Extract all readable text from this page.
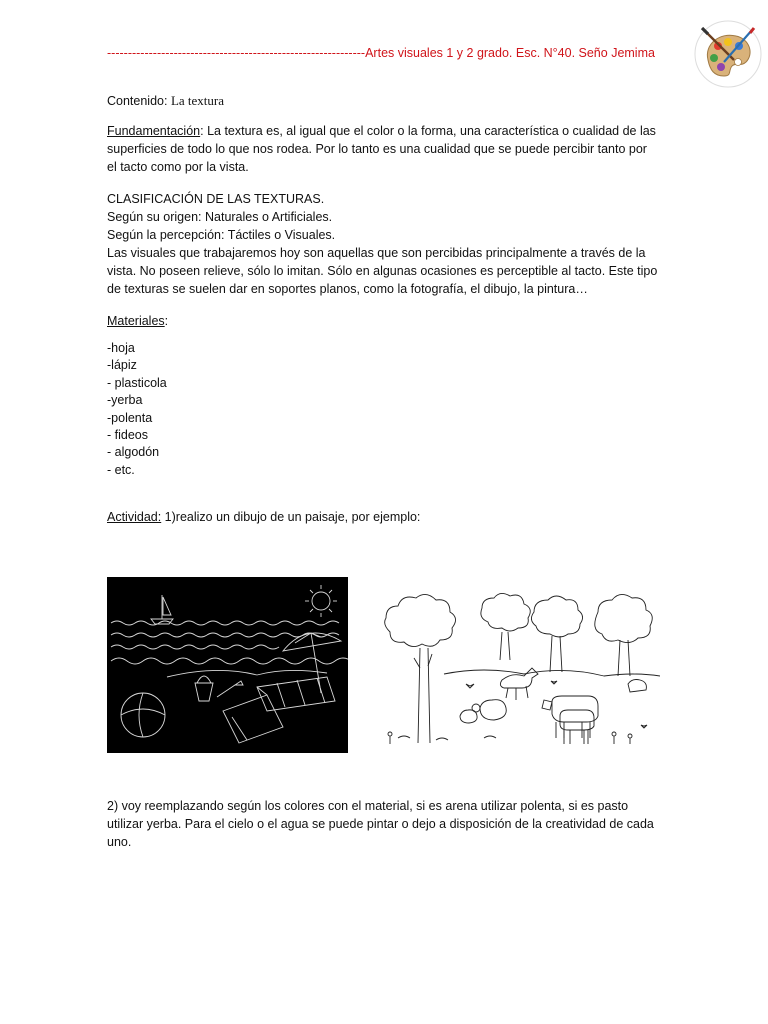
--------------------------------------------------------------Artes visuales 1 y 2 grado. Esc. N°40. Seño Jemima
Contenido: La textura
Fundamentación: La textura es, al igual que el color o la forma, una característica o cualidad de las
superficies de todo lo que nos rodea. Por lo tanto es una cualidad que se puede percibir tanto por
el tacto como por la vista.
CLASIFICACIÓN DE LAS TEXTURAS.
Según su origen: Naturales o Artificiales.
Según la percepción: Táctiles o Visuales.
Las visuales que trabajaremos hoy son aquellas que son percibidas principalmente a través de la
vista. No poseen relieve, sólo lo imitan. Sólo en algunas ocasiones es perceptible al tacto. Este tipo
de texturas se suelen dar en soportes planos, como la fotografía, el dibujo, la pintura…
Materiales:
-hoja
-lápiz
- plasticola
-yerba
-polenta
- fideos
- algodón
- etc.
Actividad: 1)realizo un dibujo de un paisaje, por ejemplo:
2) voy reemplazando según los colores con el material, si es arena utilizar polenta, si es pasto
utilizar yerba. Para el cielo o el agua se puede pintar o dejo a disposición de la creatividad de cada
uno.
